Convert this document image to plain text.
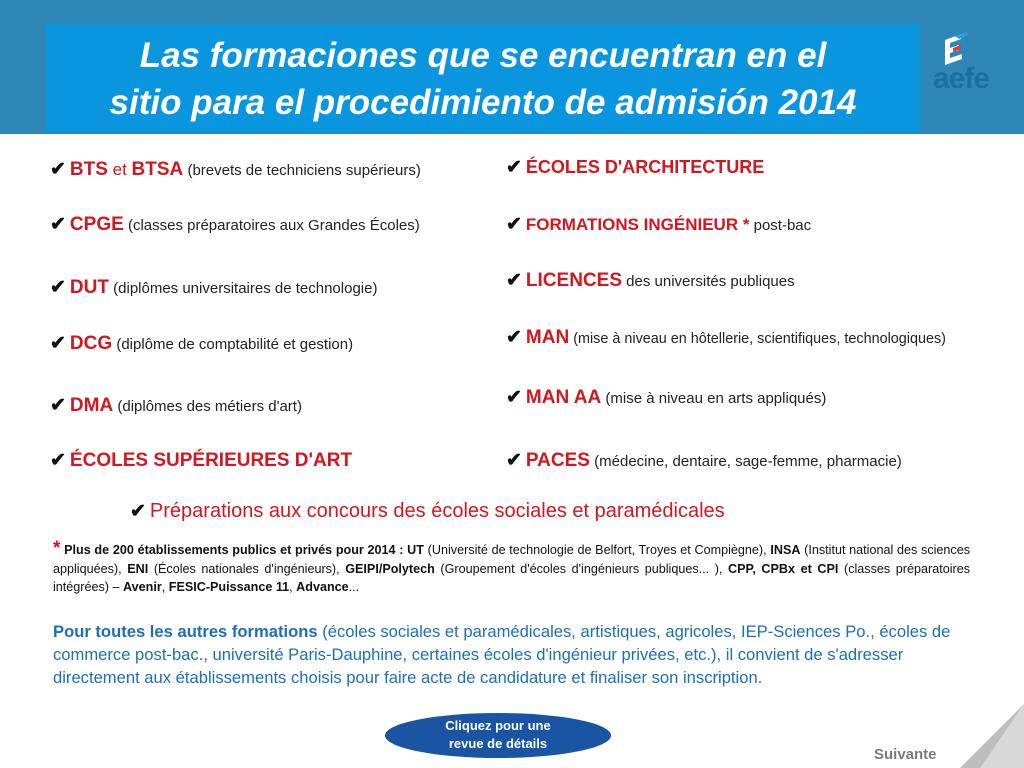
Las formaciones que se encuentran en el
sitio para el procedimiento de admisión 2014
aefe
✔ BTS et BTSA (brevets de techniciens supérieurs)
✔ CPGE (classes préparatoires aux Grandes Écoles)
✔ DUT (diplômes universitaires de technologie)
✔ DCG (diplôme de comptabilité et gestion)
✔ DMA (diplômes des métiers d'art)
✔ ÉCOLES SUPÉRIEURES D'ART
✔ ÉCOLES D'ARCHITECTURE
✔ FORMATIONS INGÉNIEUR * post-bac
✔ LICENCES des universités publiques
✔ MAN (mise à niveau en hôtellerie, scientifiques, technologiques)
✔ MAN AA (mise à niveau en arts appliqués)
✔ PACES (médecine, dentaire, sage-femme, pharmacie)
✔ Préparations aux concours des écoles sociales et paramédicales
* Plus de 200 établissements publics et privés pour 2014 : UT (Université de technologie de Belfort, Troyes et Compiègne), INSA (Institut national des sciences appliquées), ENI (Écoles nationales d'ingénieurs), GEIPI/Polytech (Groupement d'écoles d'ingénieurs publiques... ), CPP, CPBx et CPI (classes préparatoires intégrées) – Avenir, FESIC-Puissance 11, Advance...
Pour toutes les autres formations (écoles sociales et paramédicales, artistiques, agricoles, IEP-Sciences Po., écoles de commerce post-bac., université Paris-Dauphine, certaines écoles d'ingénieur privées, etc.), il convient de s'adresser directement aux établissements choisis pour faire acte de candidature et finaliser son inscription.
Cliquez pour une
revue de détails
Suivante
